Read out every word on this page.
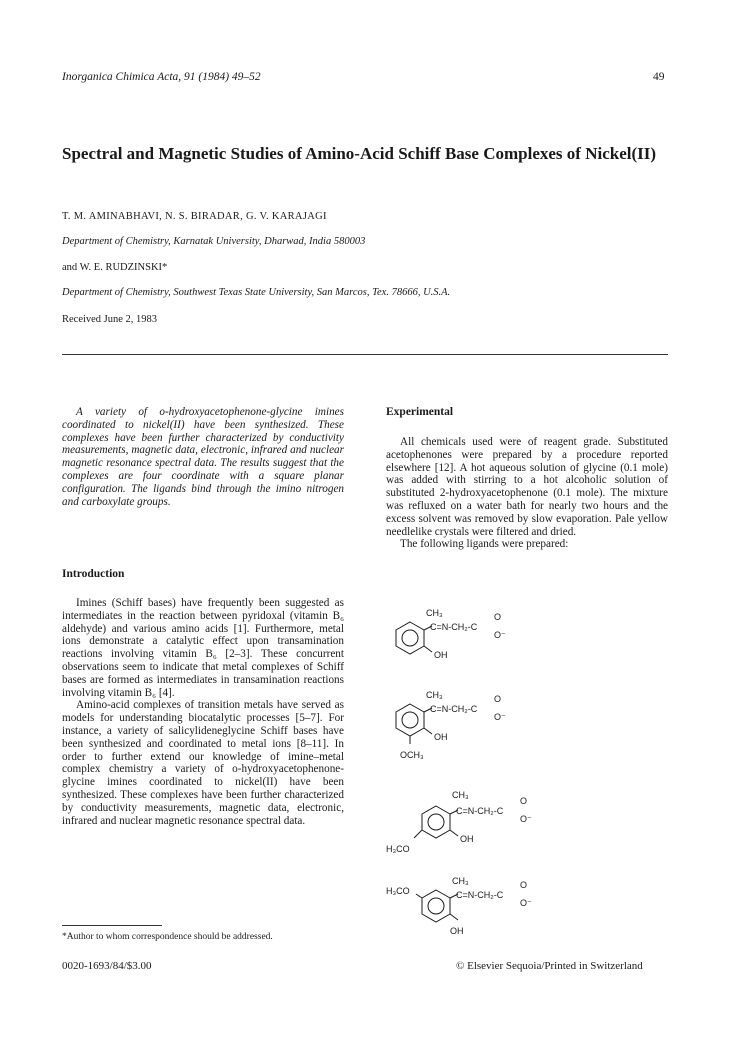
Inorganica Chimica Acta, 91 (1984) 49–52	49
Spectral and Magnetic Studies of Amino-Acid Schiff Base Complexes of Nickel(II)
T. M. AMINABHAVI, N. S. BIRADAR, G. V. KARAJAGI
Department of Chemistry, Karnatak University, Dharwad, India 580003
and W. E. RUDZINSKI*
Department of Chemistry, Southwest Texas State University, San Marcos, Tex. 78666, U.S.A.
Received June 2, 1983
A variety of o-hydroxyacetophenone-glycine imines coordinated to nickel(II) have been synthesized. These complexes have been further characterized by conductivity measurements, magnetic data, electronic, infrared and nuclear magnetic resonance spectral data. The results suggest that the complexes are four coordinate with a square planar configuration. The ligands bind through the imino nitrogen and carboxylate groups.
Introduction

Imines (Schiff bases) have frequently been suggested as intermediates in the reaction between pyridoxal (vitamin B₆ aldehyde) and various amino acids [1]. Furthermore, metal ions demonstrate a catalytic effect upon transamination reactions involving vitamin B₆ [2–3]. These concurrent observations seem to indicate that metal complexes of Schiff bases are formed as intermediates in transamination reactions involving vitamin B₆ [4].

Amino-acid complexes of transition metals have served as models for understanding biocatalytic processes [5–7]. For instance, a variety of salicylideneglycine Schiff bases have been synthesized and coordinated to metal ions [8–11]. In order to further extend our knowledge of imine–metal complex chemistry a variety of o-hydroxyacetophenone-glycine imines coordinated to nickel(II) have been synthesized. These complexes have been further characterized by conductivity measurements, magnetic data, electronic, infrared and nuclear magnetic resonance spectral data.

*Author to whom correspondence should be addressed.
0020-1693/84/$3.00
Experimental

All chemicals used were of reagent grade. Substituted acetophenones were prepared by a procedure reported elsewhere [12]. A hot aqueous solution of glycine (0.1 mole) was added with stirring to a hot alcoholic solution of substituted 2-hydroxyacetophenone (0.1 mole). The mixture was refluxed on a water bath for nearly two hours and the excess solvent was removed by slow evaporation. Pale yellow needlelike crystals were filtered and dried.

The following ligands were prepared:

CH₃
C=N-CH₂-C
O
O⁻
OH
CH₃
C=N-CH₂-C
O
O⁻
OH
OCH₃
CH₃
C=N-CH₂-C
O
O⁻
OH
H₃CO
CH₃
C=N-CH₂-C
O
O⁻
OH
H₃CO
© Elsevier Sequoia/Printed in Switzerland
